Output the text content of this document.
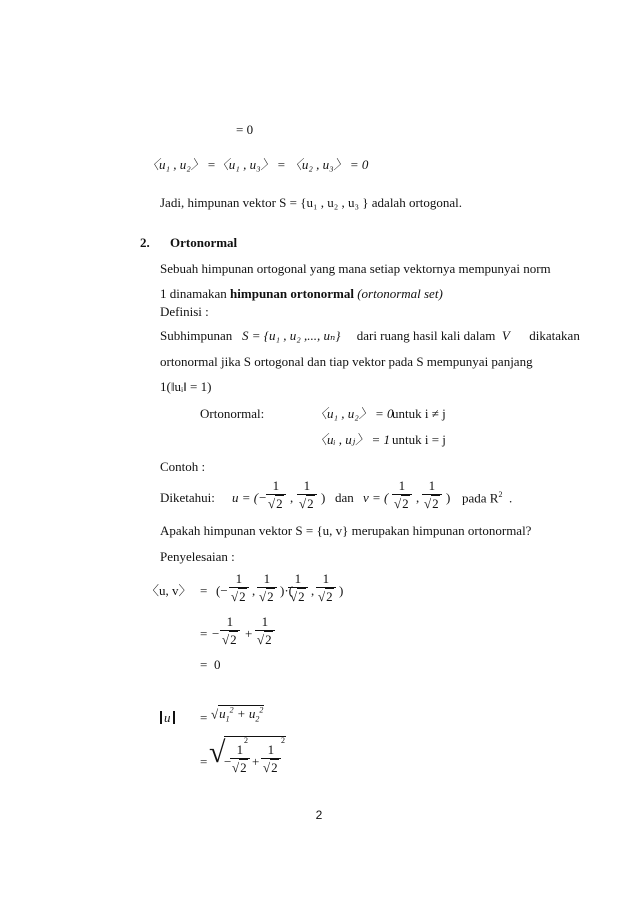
= 0
〈u₁ , u₂〉 =〈u₁ , u₃〉 = 〈u₂ , u₃〉 = 0
Jadi, himpunan vektor S = {u₁ , u₂ , u₃ } adalah ortogonal.
2. Ortonormal
Sebuah himpunan ortogonal yang mana setiap vektornya mempunyai norm
1 dinamakan himpunan ortonormal (ortonormal set)
Definisi :
Subhimpunan S = {u₁ , u₂ ,..., uₙ} dari ruang hasil kali dalam V dikatakan
ortonormal jika S ortogonal dan tiap vektor pada S mempunyai panjang
1(‖uᵢ‖ = 1)
Ortonormal:	〈u₁ , u₂〉 = 0
untuk i ≠ j
〈uᵢ , uⱼ〉 = 1 untuk i = j
Contoh :
Diketahui: u = (− $\frac{1}{√2}$ , $\frac{1}{√2}$ ) dan v = ( $\frac{1}{√2}$ , $\frac{1}{√2}$ ) pada $R^2$  .
Apakah himpunan vektor S = {u, v} merupakan himpunan ortonormal?
Penyelesaian :
〈u, v〉 = (− $\frac{1}{√2}$ , $\frac{1}{√2}$ )·(
$\frac{1}{√2}$ , $\frac{1}{√2}$ )
= − $\frac{1}{√2} + \frac{1}{√2}$
= 0
u	= $√u_1^2 + u_2^2$
= √
−
$\frac{1}{√2}$
2
+ $\frac{1}{√2}$
2
2
